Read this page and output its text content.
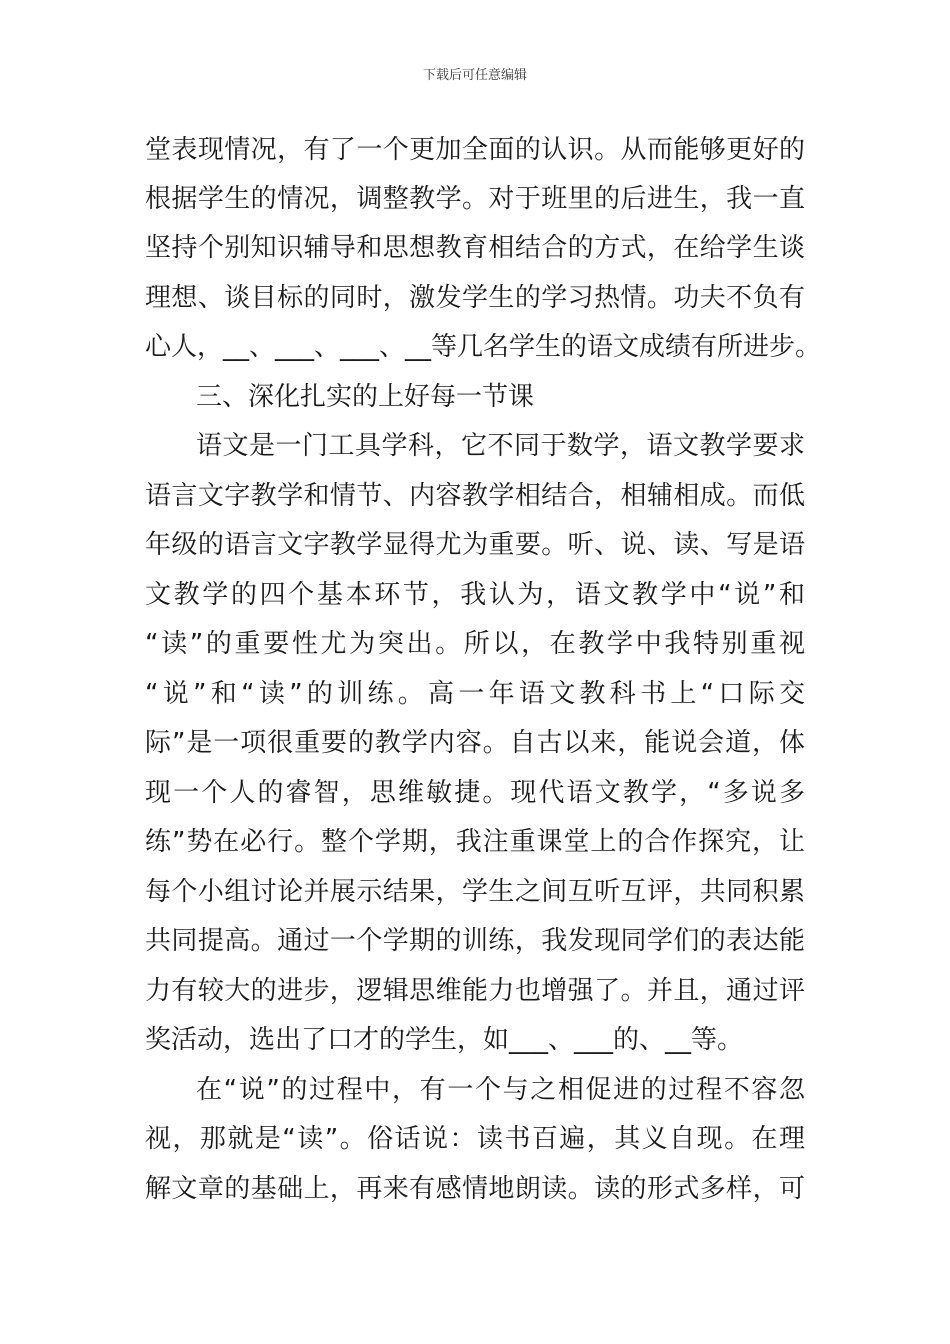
下载后可任意编辑
堂表现情况，有了一个更加全面的认识。从而能够更好的
根据学生的情况，调整教学。对于班里的后进生，我一直
坚持个别知识辅导和思想教育相结合的方式，在给学生谈
理想、谈目标的同时，激发学生的学习热情。功夫不负有
心人，__、___、___、__等几名学生的语文成绩有所进步。
三、深化扎实的上好每一节课
语文是一门工具学科，它不同于数学，语文教学要求
语言文字教学和情节、内容教学相结合，相辅相成。而低
年级的语言文字教学显得尤为重要。听、说、读、写是语
文教学的四个基本环节，我认为，语文教学中“说”和
“读”的重要性尤为突出。所以，在教学中我特别重视
“说”和“读”的训练。高一年语文教科书上“口际交
际”是一项很重要的教学内容。自古以来，能说会道，体
现一个人的睿智，思维敏捷。现代语文教学，“多说多
练”势在必行。整个学期，我注重课堂上的合作探究，让
每个小组讨论并展示结果，学生之间互听互评，共同积累
共同提高。通过一个学期的训练，我发现同学们的表达能
力有较大的进步，逻辑思维能力也增强了。并且，通过评
奖活动，选出了口才的学生，如___、___的、__等。
在“说”的过程中，有一个与之相促进的过程不容忽
视，那就是“读”。俗话说：读书百遍，其义自现。在理
解文章的基础上，再来有感情地朗读。读的形式多样，可
